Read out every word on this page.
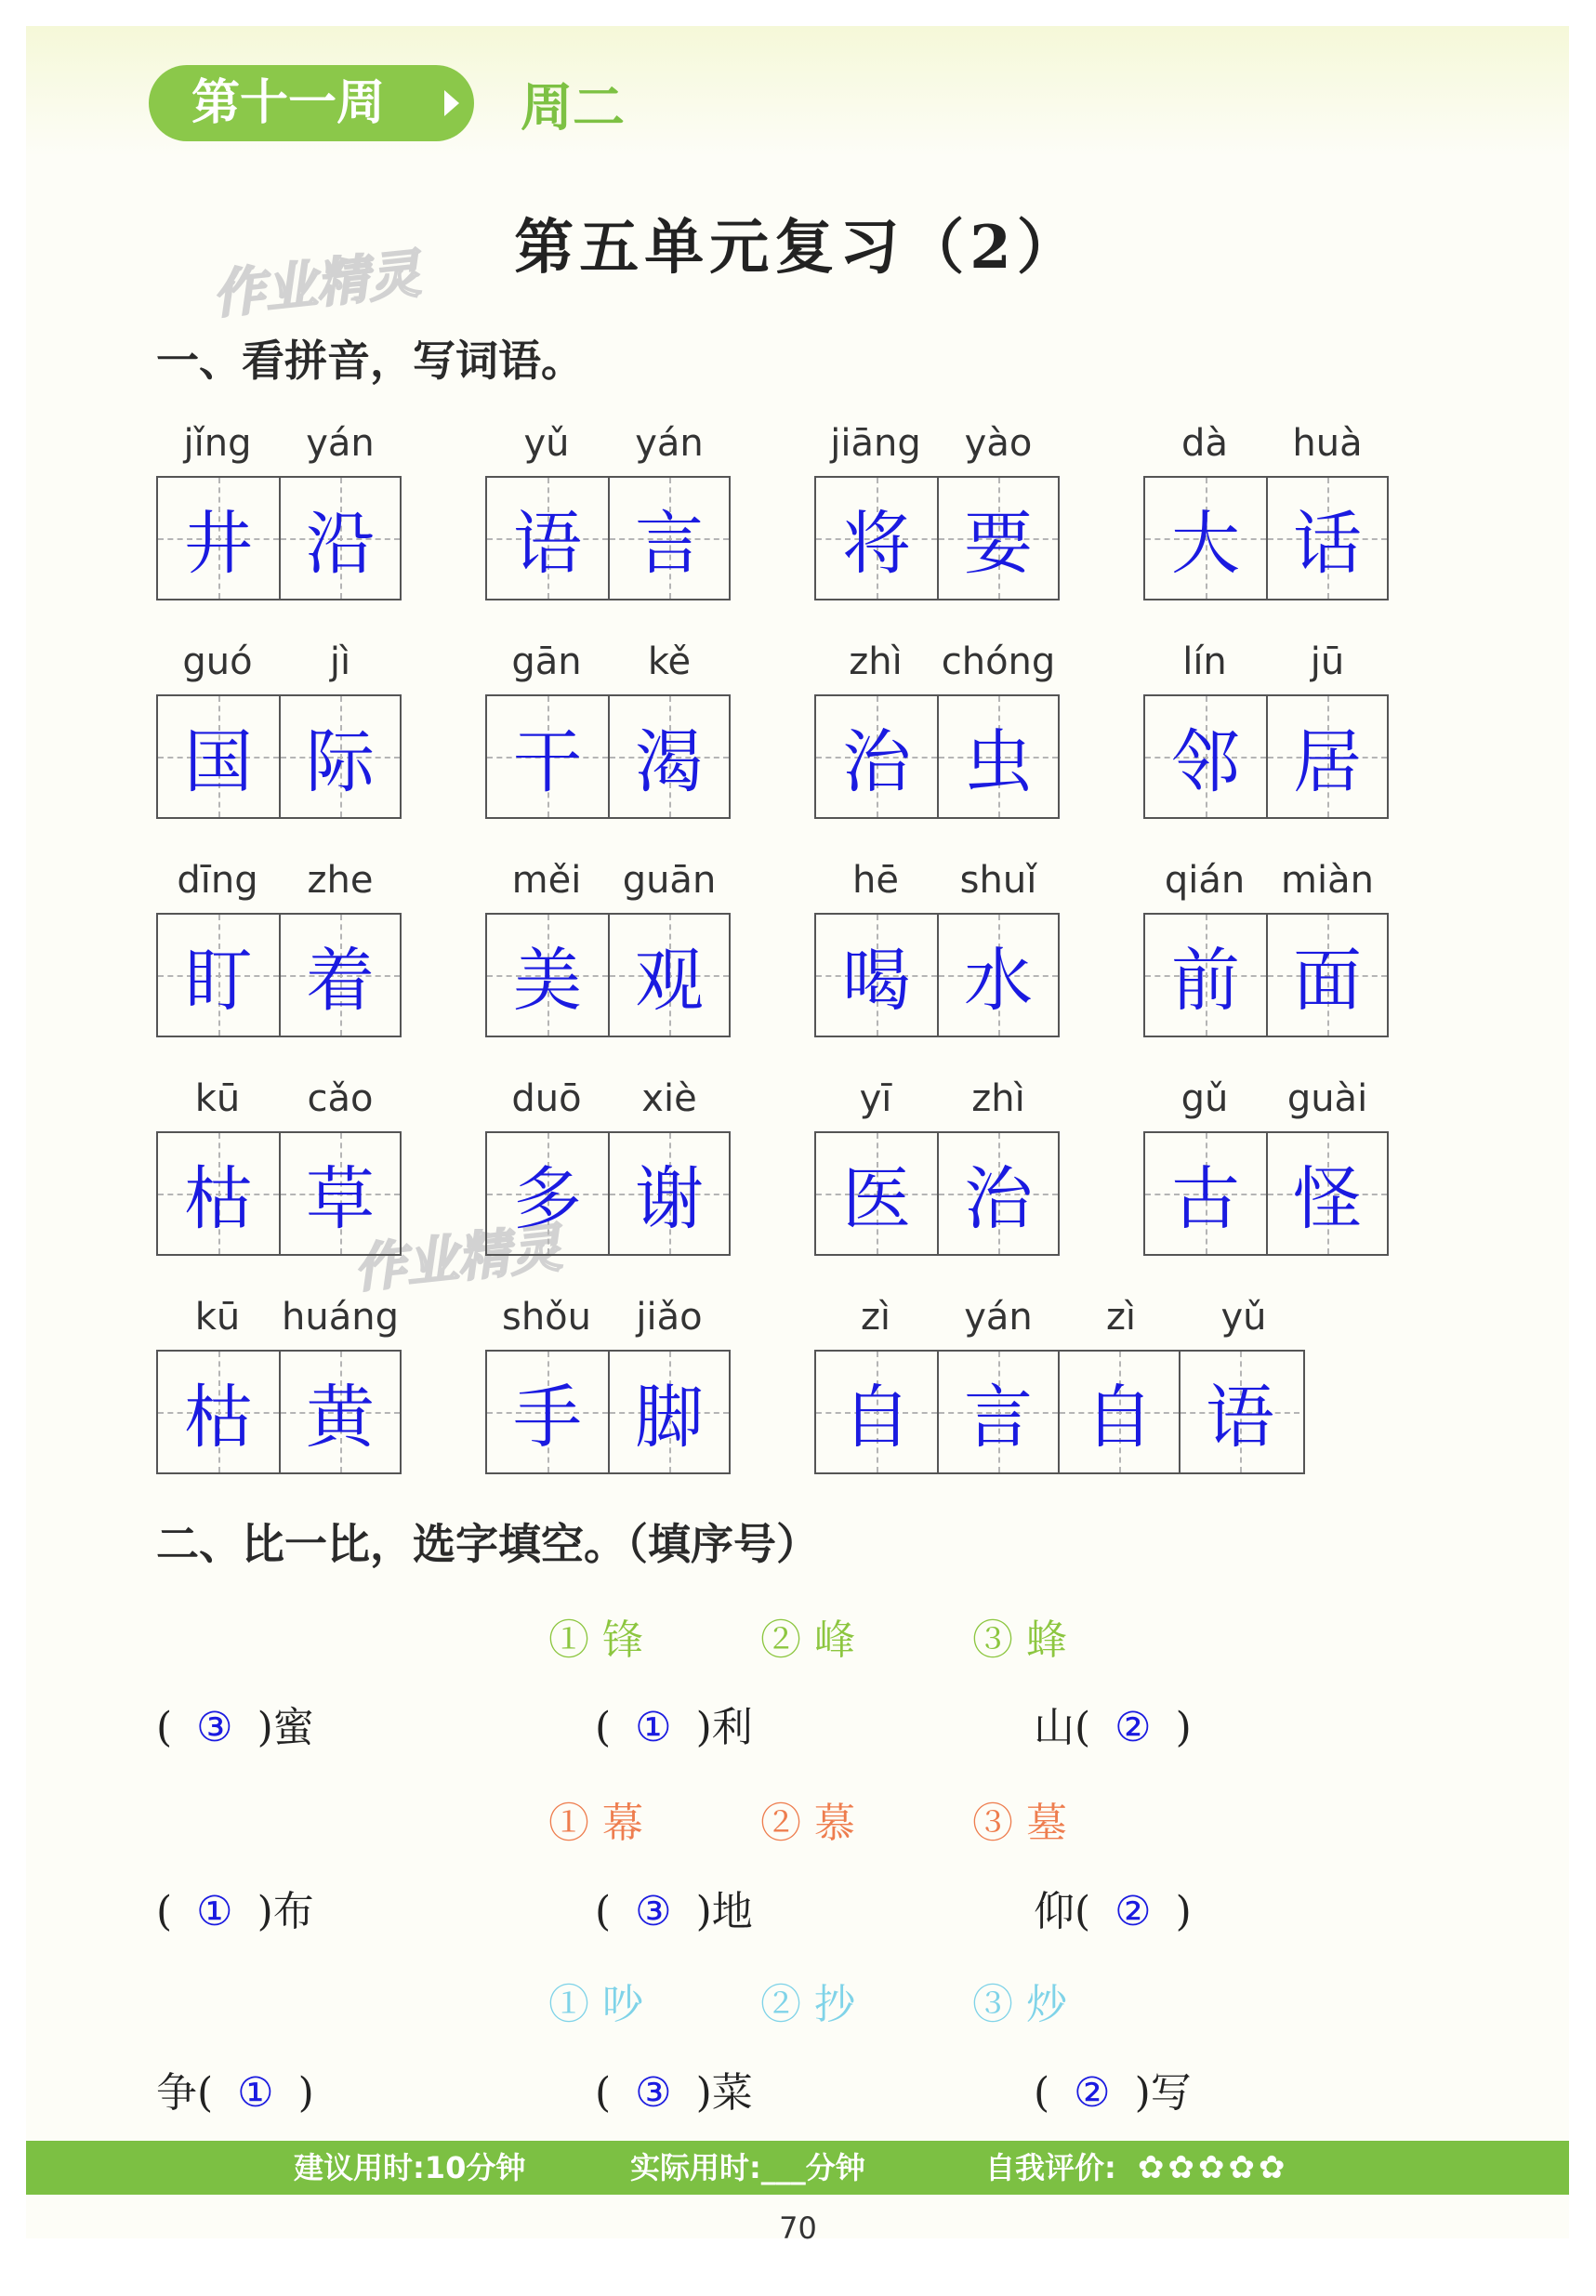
第十一周	周二
第五单元复习（2）
作业精灵
作业精灵
一、看拼音，写词语。
jǐng	yán
井 沿
yǔ	yán
语 言
jiāng	yào
将 要
dà	huà
大 话
guó	jì
国 际
gān	kě
干 渴
zhì	chóng
治 虫
lín	jū
邻 居
dīng	zhe
盯 着
měi	guān
美 观
hē	shuǐ
喝 水
qián miàn
前 面
kū	cǎo
枯 草
duō	xiè
多 谢
yī	zhì
医 治
gǔ	guài
古 怪
kū	huáng
枯 黄
shǒu	jiǎo
手 脚
zì	yán	zì	yǔ
自 言 自 语
二、比一比，选字填空。（填序号）
① 锋	② 峰	③ 蜂
( ③ )蜜	( ① )利	山( ② )
① 幕	② 慕	③ 墓
( ① )布	( ③ )地	仰( ② )
① 吵	② 抄	③ 炒
争( ① )	( ③ )菜	( ② )写
建议用时:10分钟	实际用时:___分钟	自我评价: ✿✿✿✿✿
70
